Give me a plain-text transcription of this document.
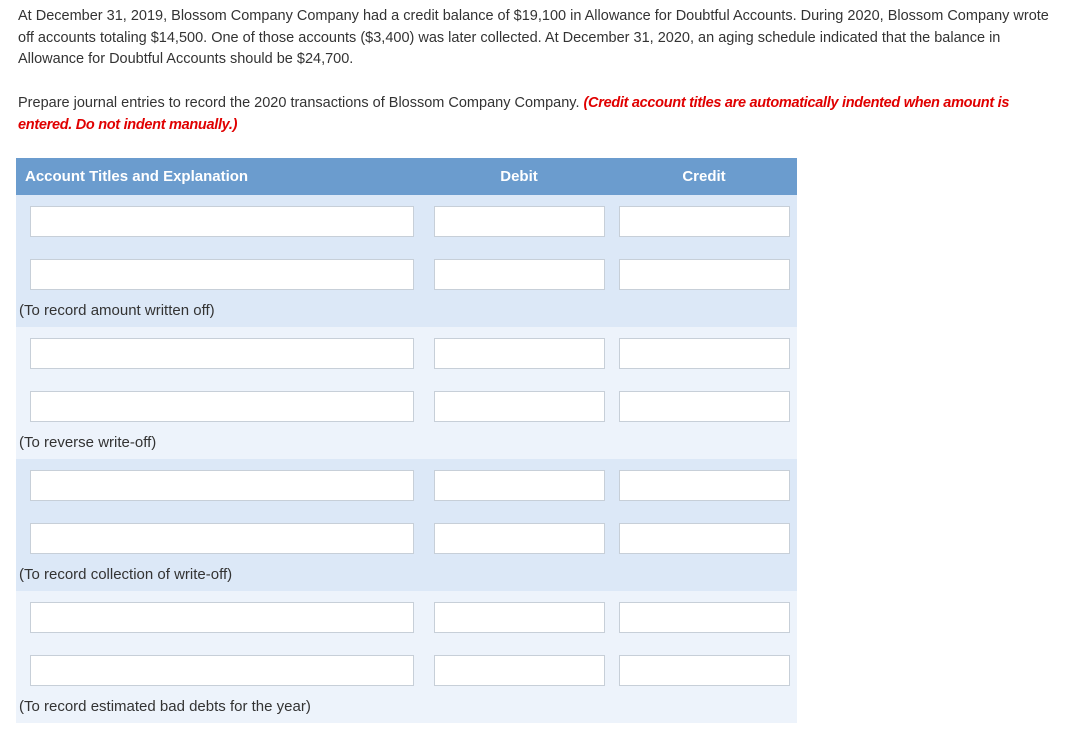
At December 31, 2019, Blossom Company Company had a credit balance of $19,100 in Allowance for Doubtful Accounts. During 2020, Blossom Company wrote off accounts totaling $14,500. One of those accounts ($3,400) was later collected. At December 31, 2020, an aging schedule indicated that the balance in Allowance for Doubtful Accounts should be $24,700.

Prepare journal entries to record the 2020 transactions of Blossom Company Company. (Credit account titles are automatically indented when amount is entered. Do not indent manually.)

Account Titles and Explanation	Debit	Credit
(To record amount written off)
(To reverse write-off)
(To record collection of write-off)
(To record estimated bad debts for the year)
